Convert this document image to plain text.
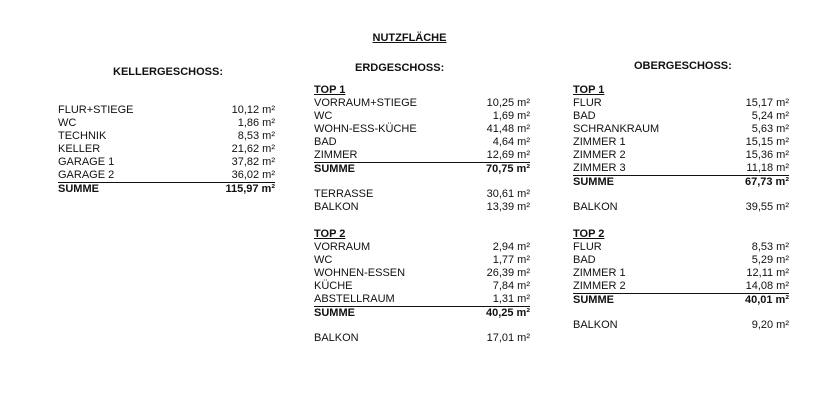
NUTZFLÄCHE
KELLERGESCHOSS:	ERDGESCHOSS:	OBERGESCHOSS:
FLUR+STIEGE	10,12 m²
WC	1,86 m²
TECHNIK	8,53 m²
KELLER	21,62 m²
GARAGE 1	37,82 m²
GARAGE 2	36,02 m²
SUMME	115,97 m²
TOP 1
VORRAUM+STIEGE	10,25 m²
WC	1,69 m²
WOHN-ESS-KÜCHE	41,48 m²
BAD	4,64 m²
ZIMMER	12,69 m²
SUMME	70,75 m²
TERRASSE	30,61 m²
BALKON	13,39 m²
TOP 2
VORRAUM	2,94 m²
WC	1,77 m²
WOHNEN-ESSEN	26,39 m²
KÜCHE	7,84 m²
ABSTELLRAUM	1,31 m²
SUMME	40,25 m²
BALKON	17,01 m²
TOP 1
FLUR	15,17 m²
BAD	5,24 m²
SCHRANKRAUM	5,63 m²
ZIMMER 1	15,15 m²
ZIMMER 2	15,36 m²
ZIMMER 3	11,18 m²
SUMME	67,73 m²
BALKON	39,55 m²
TOP 2
FLUR	8,53 m²
BAD	5,29 m²
ZIMMER 1	12,11 m²
ZIMMER 2	14,08 m²
SUMME	40,01 m²
BALKON	9,20 m²
